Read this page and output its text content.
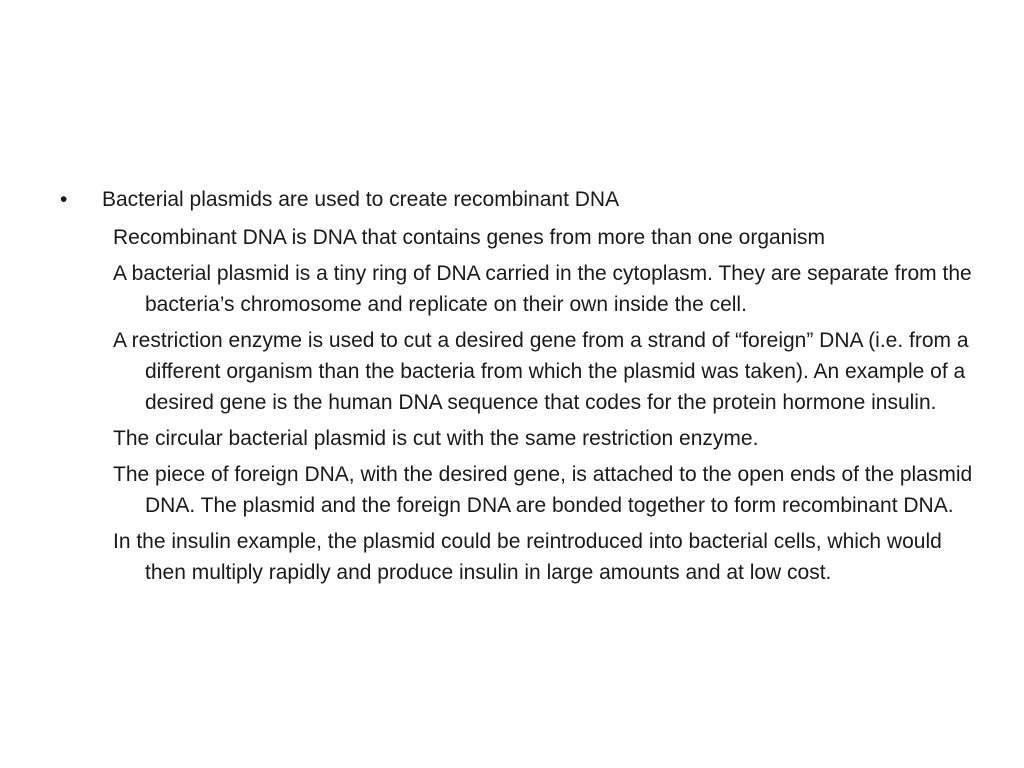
•	Bacterial plasmids are used to create recombinant DNA
Recombinant DNA is DNA that contains genes from more than one organism
A bacterial plasmid is a tiny ring of DNA carried in the cytoplasm. They are separate from the bacteria’s chromosome and replicate on their own inside the cell.
A restriction enzyme is used to cut a desired gene from a strand of “foreign” DNA (i.e. from a different organism than the bacteria from which the plasmid was taken). An example of a desired gene is the human DNA sequence that codes for the protein hormone insulin.
The circular bacterial plasmid is cut with the same restriction enzyme.
The piece of foreign DNA, with the desired gene, is attached to the open ends of the plasmid DNA. The plasmid and the foreign DNA are bonded together to form recombinant DNA.
In the insulin example, the plasmid could be reintroduced into bacterial cells, which would then multiply rapidly and produce insulin in large amounts and at low cost.
